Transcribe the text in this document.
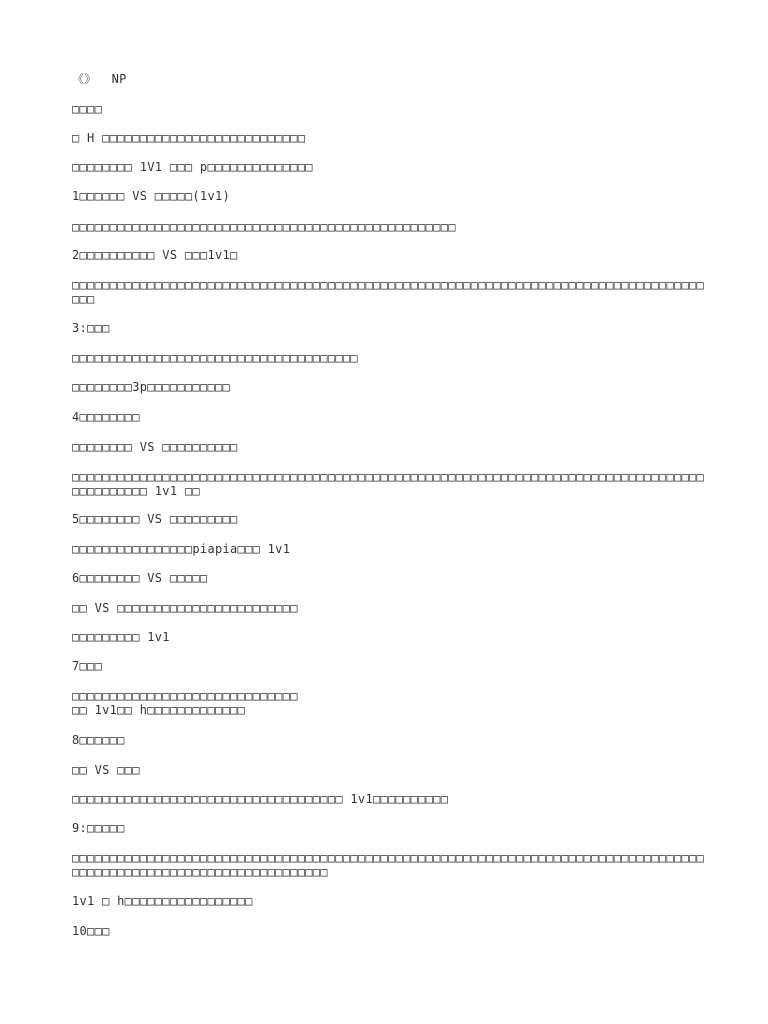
《》  NP
□□□□
□ H □□□□□□□□□□□□□□□□□□□□□□□□□□□
□□□□□□□□ 1V1 □□□ p□□□□□□□□□□□□□□
1□□□□□□ VS □□□□□(1v1)
□□□□□□□□□□□□□□□□□□□□□□□□□□□□□□□□□□□□□□□□□□□□□□□□□□□
2□□□□□□□□□□ VS □□□1v1□
□□□□□□□□□□□□□□□□□□□□□□□□□□□□□□□□□□□□□□□□□□□□□□□□□□□□□□□□□□□□□□□□□□□□□□□□□□□□□□□□□□□□□□□
3:□□□
□□□□□□□□□□□□□□□□□□□□□□□□□□□□□□□□□□□□□□
□□□□□□□□3p□□□□□□□□□□□
4□□□□□□□□
□□□□□□□□ VS □□□□□□□□□□
□□□□□□□□□□□□□□□□□□□□□□□□□□□□□□□□□□□□□□□□□□□□□□□□□□□□□□□□□□□□□□□□□□□□□□□□□□□□□□□□□□□□□□□□□□□□□□ 1v1 □□
5□□□□□□□□ VS □□□□□□□□□
□□□□□□□□□□□□□□□□piapia□□□ 1v1
6□□□□□□□□ VS □□□□□
□□ VS □□□□□□□□□□□□□□□□□□□□□□□□
□□□□□□□□□ 1v1
7□□□
□□□□□□□□□□□□□□□□□□□□□□□□□□□□□□
□□ 1v1□□ h□□□□□□□□□□□□□
8□□□□□□
□□ VS □□□
□□□□□□□□□□□□□□□□□□□□□□□□□□□□□□□□□□□□ 1v1□□□□□□□□□□
9:□□□□□
□□□□□□□□□□□□□□□□□□□□□□□□□□□□□□□□□□□□□□□□□□□□□□□□□□□□□□□□□□□□□□□□□□□□□□□□□□□□□□□□□□□□□□□□□□□□□□□□□□□□□□□□□□□□□□□□□□□□□□
1v1 □ h□□□□□□□□□□□□□□□□□
10□□□
